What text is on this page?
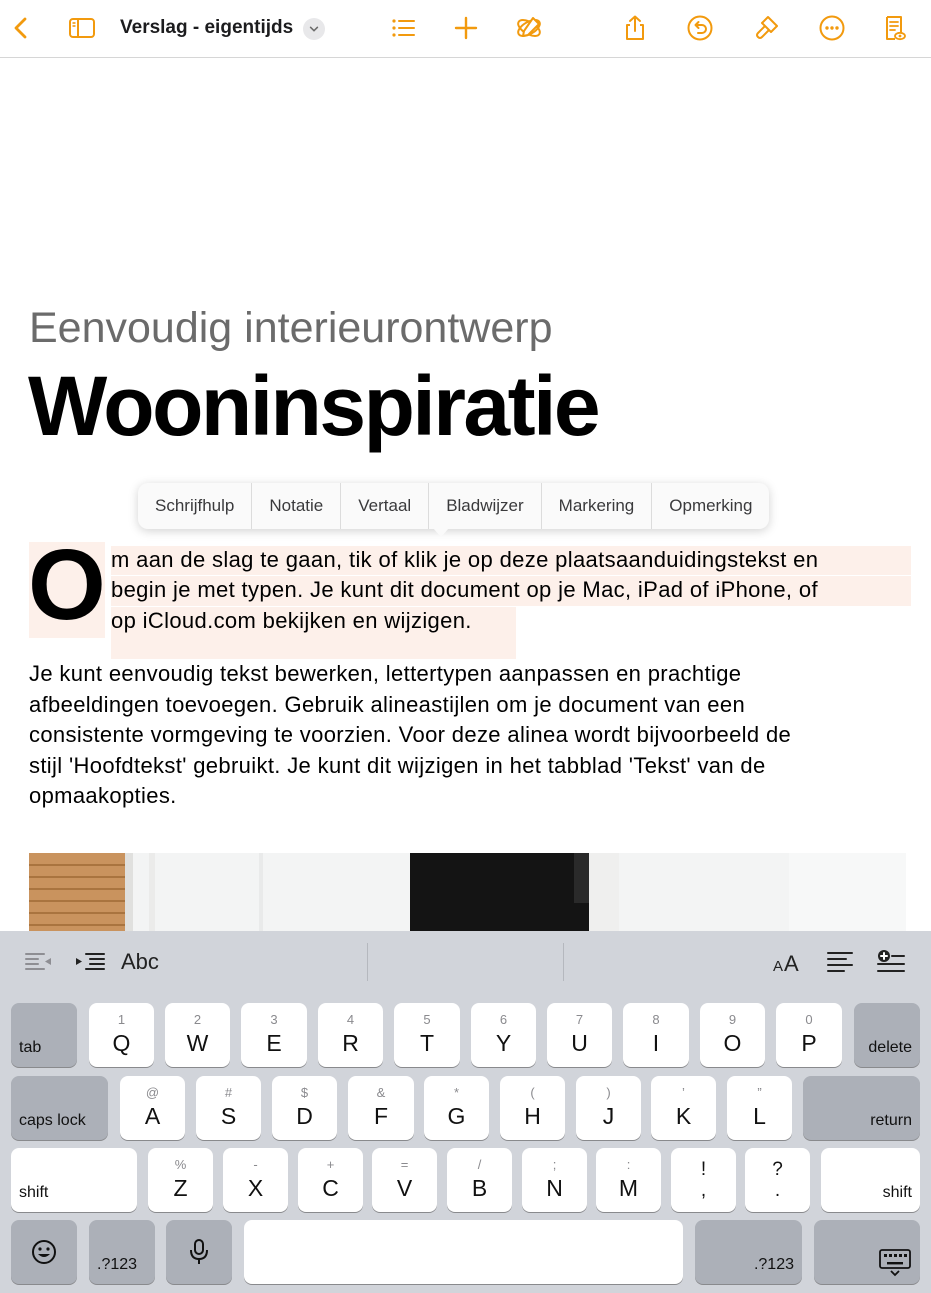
Verslag - eigentijds
Eenvoudig interieurontwerp
Wooninspiratie
O m aan de slag te gaan, tik of klik je op deze plaatsaanduidingstekst en
begin je met typen. Je kunt dit document op je Mac, iPad of iPhone, of
op iCloud.com bekijken en wijzigen.
Je kunt eenvoudig tekst bewerken, lettertypen aanpassen en prachtige
afbeeldingen toevoegen. Gebruik alineastijlen om je document van een
consistente vormgeving te voorzien. Voor deze alinea wordt bijvoorbeeld de
stijl 'Hoofdtekst' gebruikt. Je kunt dit wijzigen in het tabblad 'Tekst' van de
opmaakopties.
Schrijfhulp	Notatie	Vertaal	Bladwijzer	Markering	Opmerking
Abc	A A
tab
1
Q
2
W
3
E
4
R
5
T
6
Y
7
U
8
I
9
O
0
P	delete
caps lock
@
A
#
S
$
D
&
F
*
G
(
H
)
J
’
K
”
L	return
shift
%
Z
-
X
+
C
=
V
/
B
;
N
:
M
!
,
?
.	shift
.?123	.?123
